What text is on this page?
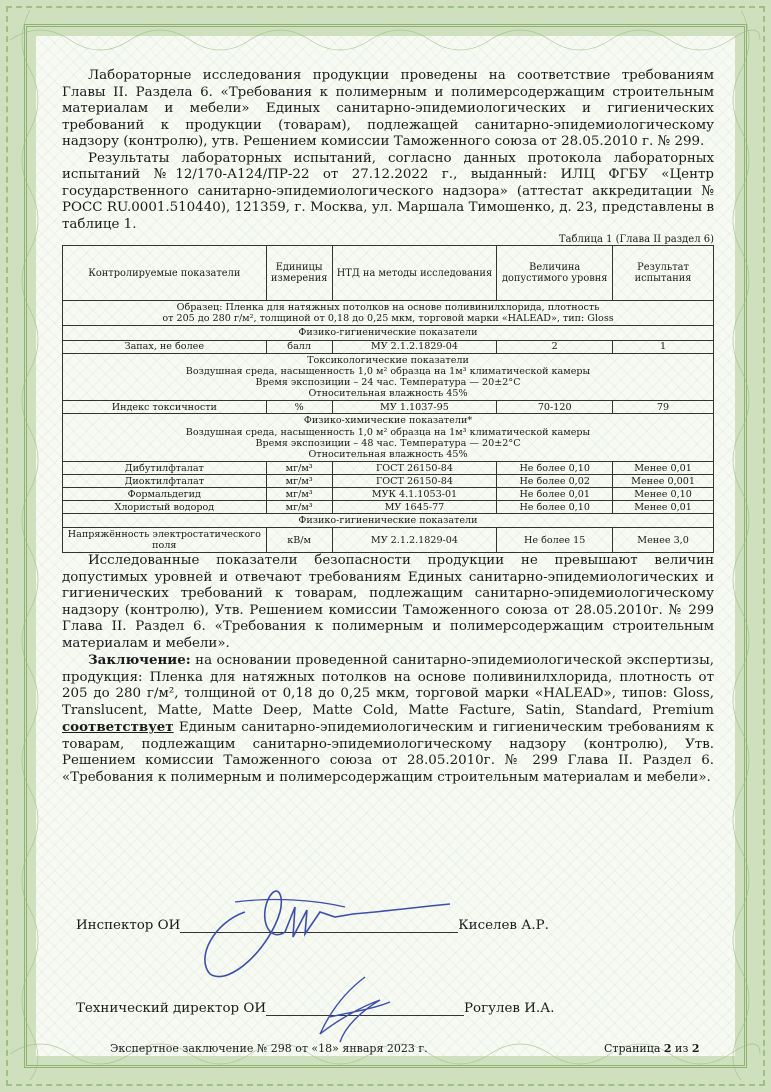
Лабораторные исследования продукции проведены на соответствие требованиям Главы II. Раздела 6. «Требования к полимерным и полимерсодержащим строительным материалам и мебели» Единых санитарно-эпидемиологических и гигиенических требований к продукции (товарам), подлежащей санитарно-эпидемиологическому надзору (контролю), утв. Решением комиссии Таможенного союза от 28.05.2010 г. № 299.

Результаты лабораторных испытаний, согласно данных протокола лабораторных испытаний №12/170-А124/ПР-22 от 27.12.2022 г., выданный: ИЛЦ ФГБУ «Центр государственного санитарно-эпидемиологического надзора» (аттестат аккредитации № РОСС RU.0001.510440), 121359, г. Москва, ул. Маршала Тимошенко, д. 23, представлены в таблице 1.

Таблица 1 (Глава II раздел 6)
Контролируемые показатели	Единицы измерения	НТД на методы исследования	Величина допустимого уровня	Результат испытания

Образец: Пленка для натяжных потолков на основе поливинилхлорида, плотность
от 205 до 280 г/м², толщиной от 0,18 до 0,25 мкм, торговой марки «HALEAD», тип: Gloss				

Физико-гигиенические показатели				
Запах, не более	балл	МУ 2.1.2.1829-04	2	1

Токсикологические показатели
Воздушная среда, насыщенность 1,0 м² образца на 1м³ климатической камеры
Время экспозиции – 24 час. Температура — 20±2°С
Относительная влажность 45%				

Индекс токсичности	%	МУ 1.1037-95	70-120	79

Физико-химические показатели*
Воздушная среда, насыщенность 1,0 м² образца на 1м³ климатической камеры
Время экспозиции – 48 час. Температура — 20±2°С
Относительная влажность 45%				

Дибутилфталат	мг/м³	ГОСТ 26150-84	Не более 0,10	Менее 0,01
Диоктилфталат	мг/м³	ГОСТ 26150-84	Не более 0,02	Менее 0,001
Формальдегид	мг/м³	МУК 4.1.1053-01	Не более 0,01	Менее 0,10
Хлористый водород	мг/м³	МУ 1645-77	Не более 0,10	Менее 0,01
Физико-гигиенические показатели				
Напряжённость электростатического поля	кВ/м	МУ 2.1.2.1829-04	Не более 15	Менее 3,0

Исследованные показатели безопасности продукции не превышают величин допустимых уровней и отвечают требованиям Единых санитарно-эпидемиологических и гигиенических требований к товарам, подлежащим санитарно-эпидемиологическому надзору (контролю), Утв. Решением комиссии Таможенного союза от 28.05.2010г. № 299 Глава II. Раздел 6. «Требования к полимерным и полимерсодержащим строительным материалам и мебели».

Заключение: на основании проведенной санитарно-эпидемиологической экспертизы, продукция: Пленка для натяжных потолков на основе поливинилхлорида, плотность от 205 до 280 г/м², толщиной от 0,18 до 0,25 мкм, торговой марки «HALEAD», типов: Gloss, Translucent, Matte, Matte Deep, Matte Cold, Matte Facture, Satin, Standard, Premium соответствует Единым санитарно-эпидемиологическим и гигиеническим требованиям к товарам, подлежащим санитарно-эпидемиологическому надзору (контролю), Утв. Решением комиссии Таможенного союза от 28.05.2010г. № 299 Глава II. Раздел 6. «Требования к полимерным и полимерсодержащим строительным материалам и мебели».

Инспектор ОИ	Киселев А.Р.
Технический директор ОИ	Рогулев И.А.
Экспертное заключение № 298 от «18» января 2023 г.	Страница 2 из 2
